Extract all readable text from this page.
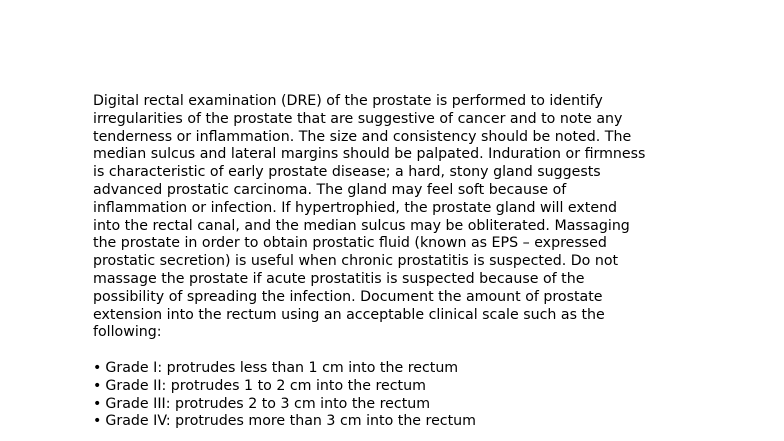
Digital rectal examination (DRE) of the prostate is performed to identify

irregularities of the prostate that are suggestive of cancer and to note any

tenderness or inflammation. The size and consistency should be noted. The

median sulcus and lateral margins should be palpated. Induration or firmness

is characteristic of early prostate disease; a hard, stony gland suggests

advanced prostatic carcinoma. The gland may feel soft because of

inflammation or infection. If hypertrophied, the prostate gland will extend

into the rectal canal, and the median sulcus may be obliterated. Massaging

the prostate in order to obtain prostatic fluid (known as EPS – expressed

prostatic secretion) is useful when chronic prostatitis is suspected. Do not

massage the prostate if acute prostatitis is suspected because of the

possibility of spreading the infection. Document the amount of prostate

extension into the rectum using an acceptable clinical scale such as the

following:

• Grade I: protrudes less than 1 cm into the rectum
• Grade II: protrudes 1 to 2 cm into the rectum
• Grade III: protrudes 2 to 3 cm into the rectum
• Grade IV: protrudes more than 3 cm into the rectum
